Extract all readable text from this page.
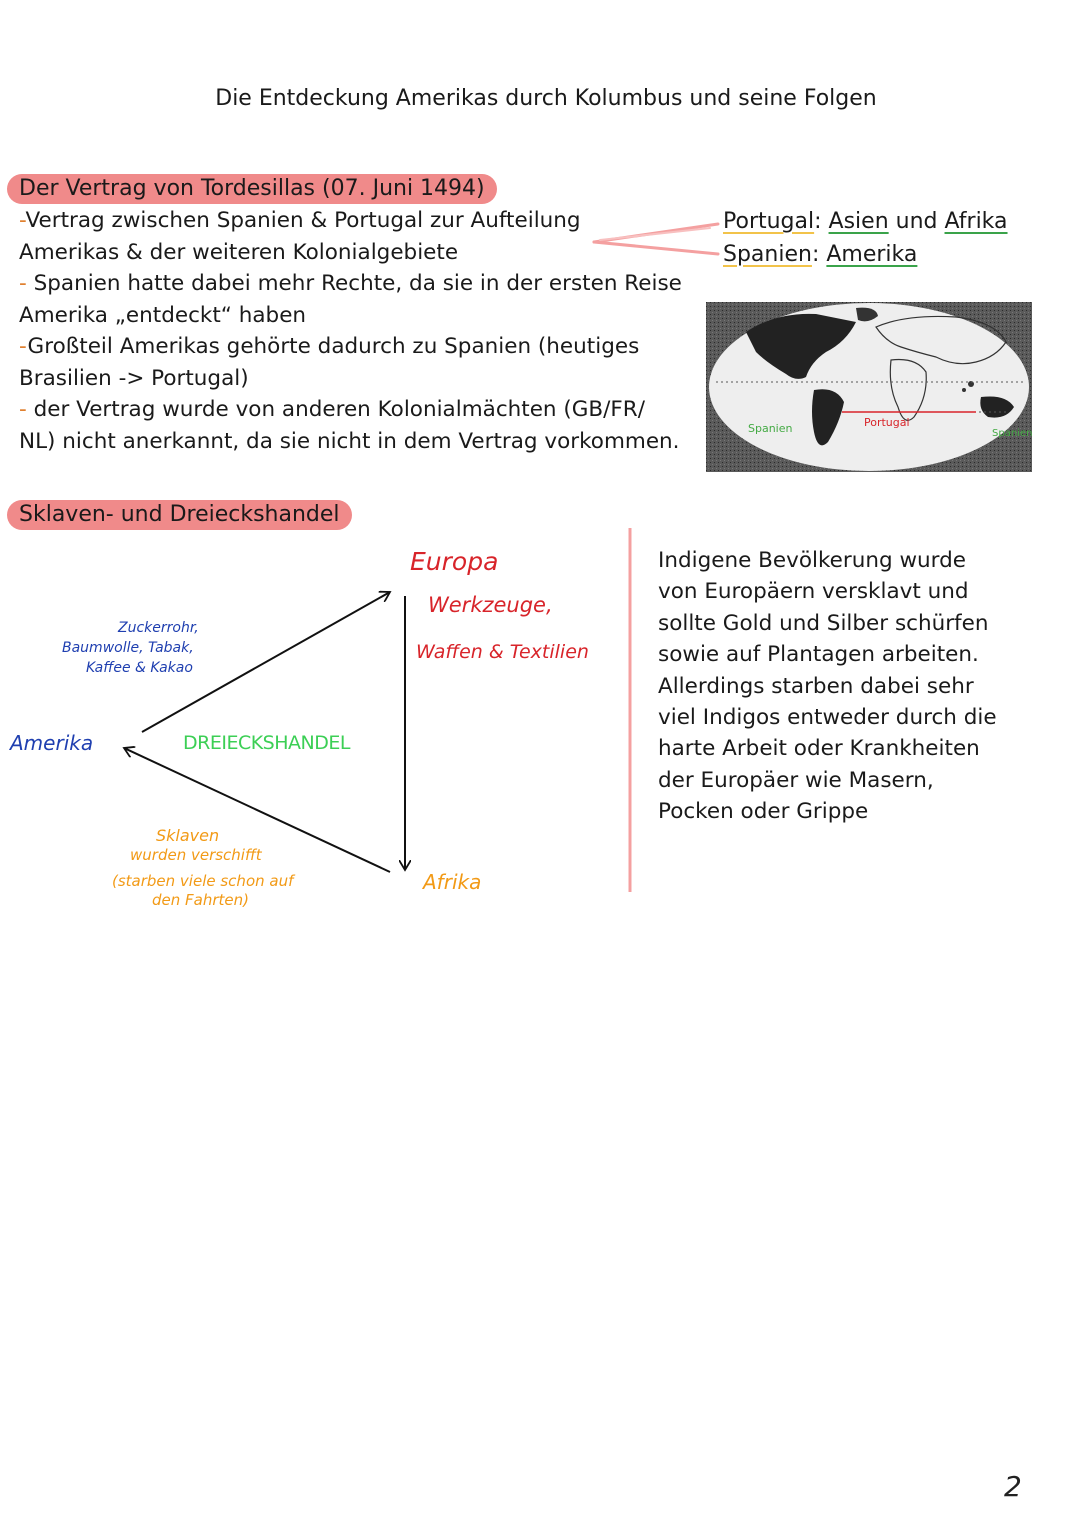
Die Entdeckung Amerikas durch Kolumbus und seine Folgen
Der Vertrag von Tordesillas (07. Juni 1494)
-Vertrag zwischen Spanien & Portugal zur Aufteilung
Amerikas & der weiteren Kolonialgebiete
- Spanien hatte dabei mehr Rechte, da sie in der ersten Reise
Amerika „entdeckt“ haben
-Großteil Amerikas gehörte dadurch zu Spanien (heutiges
Brasilien -> Portugal)
- der Vertrag wurde von anderen Kolonialmächten (GB/FR/
NL) nicht anerkannt, da sie nicht in dem Vertrag vorkommen.
Portugal: Asien und Afrika
Spanien: Amerika
Spanien	Portugal
Spanien
Sklaven- und Dreieckshandel
Europa
Werkzeuge,
Waffen & Textilien
Zuckerrohr,
Baumwolle, Tabak,
Kaffee & Kakao
Amerika	DREIECKSHANDEL
Sklaven
wurden verschifft
(starben viele schon auf
den Fahrten)
Afrika
Indigene Bevölkerung wurde
von Europäern versklavt und
sollte Gold und Silber schürfen
sowie auf Plantagen arbeiten.
Allerdings starben dabei sehr
viel Indigos entweder durch die
harte Arbeit oder Krankheiten
der Europäer wie Masern,
Pocken oder Grippe
2
